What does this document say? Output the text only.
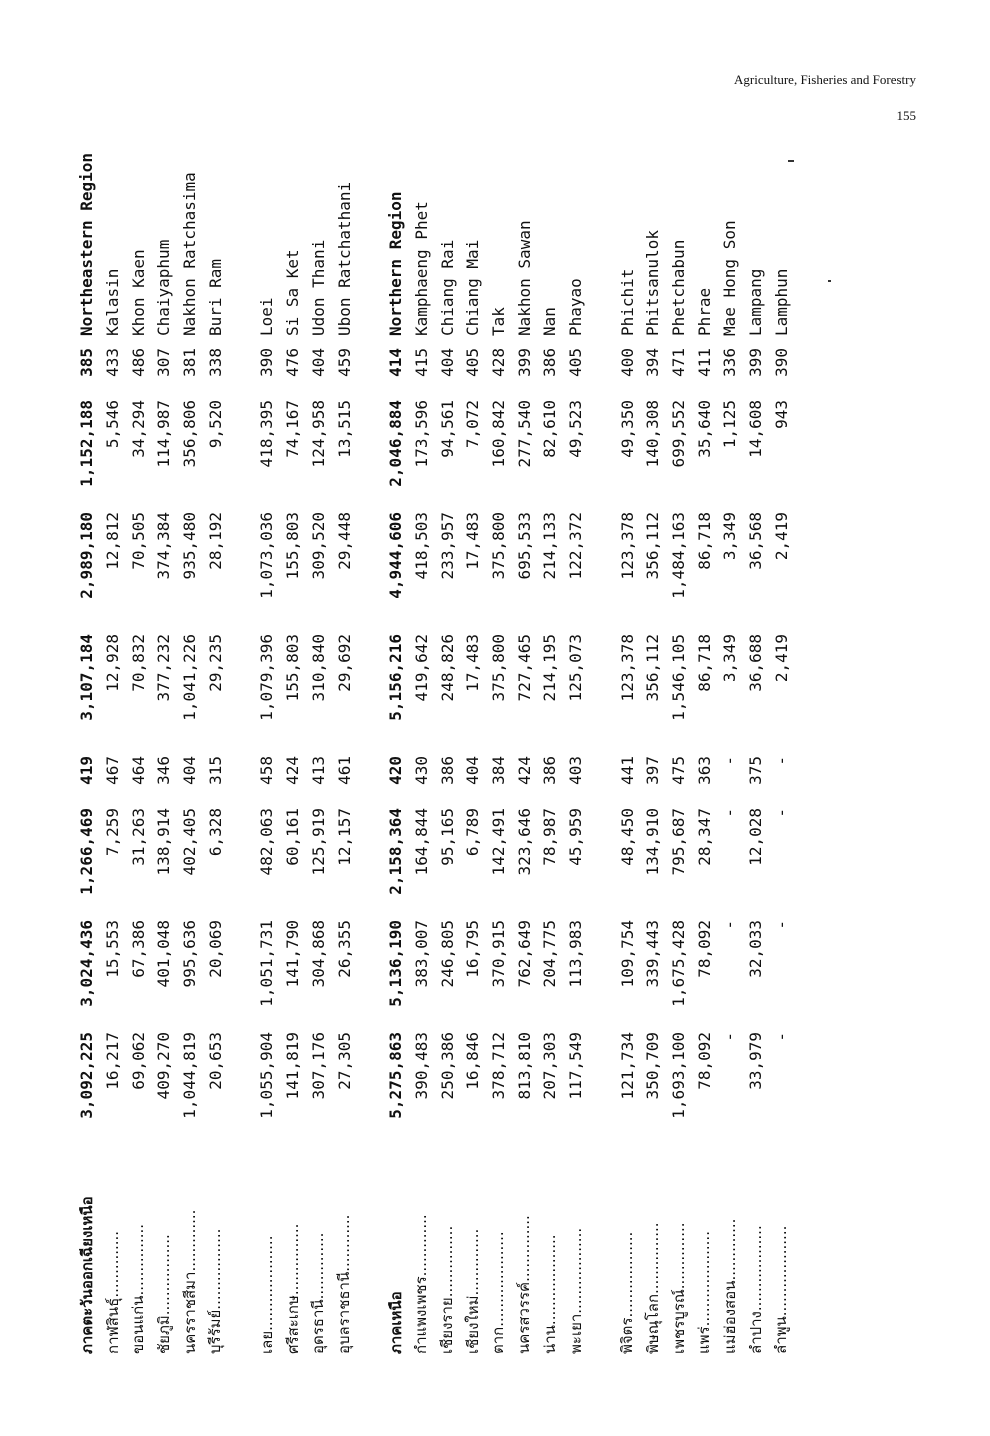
Agriculture, Fisheries and Forestry
155
ภาคตะวันออกเฉียงเหนือ	3,092,225	3,024,436	1,266,469	419	3,107,184	2,989,180	1,152,188	385	Northeastern Region
กาฬสินธุ์..............	16,217	15,553	7,259	467	12,928	12,812	5,546	433	Kalasin
ขอนแก่น...............	69,062	67,386	31,263	464	70,832	70,505	34,294	486	Khon Kaen
ชัยภูมิ.................	409,270	401,048	138,914	346	377,232	374,384	114,987	307	Chaiyaphum
นครราชสีมา.............	1,044,819	995,636	402,405	404	1,041,226	935,480	356,806	381	Nakhon Ratchasima
บุรีรัมย์.................	20,653	20,069	6,328	315	29,235	28,192	9,520	338	Buri Ram

เลย....................	1,055,904	1,051,731	482,063	458	1,079,396	1,073,036	418,395	390	Loei
ศรีสะเกษ...............	141,819	141,790	60,161	424	155,803	155,803	74,167	476	Si Sa Ket
อุดรธานี..............	307,176	304,868	125,919	413	310,840	309,520	124,958	404	Udon Thani
อุบลราชธานี............	27,305	26,355	12,157	461	29,692	29,448	13,515	459	Ubon Ratchathani

ภาคเหนือ	5,275,863	5,136,190	2,158,364	420	5,156,216	4,944,606	2,046,884	414	Northern Region
กำแพงเพชร.............	390,483	383,007	164,844	430	419,642	418,503	173,596	415	Kamphaeng Phet
เชียงราย...............	250,386	246,805	95,165	386	248,826	233,957	94,561	404	Chiang Rai
เชียงใหม่..............	16,846	16,795	6,789	404	17,483	17,483	7,072	405	Chiang Mai
ตาก....................	378,712	370,915	142,491	384	375,800	375,800	160,842	428	Tak
นครสวรรค์..............	813,810	762,649	323,646	424	727,465	695,533	277,540	399	Nakhon Sawan
น่าน...................	207,303	204,775	78,987	386	214,195	214,133	82,610	386	Nan
พะเยา..................	117,549	113,983	45,959	403	125,073	122,372	49,523	405	Phayao

พิจิตร..................	121,734	109,754	48,450	441	123,378	123,378	49,350	400	Phichit
พิษณุโลก...............	350,709	339,443	134,910	397	356,112	356,112	140,308	394	Phitsanulok
เพชรบูรณ์..............	1,693,100	1,675,428	795,687	475	1,546,105	1,484,163	699,552	471	Phetchabun
แพร่....................	78,092	78,092	28,347	363	86,718	86,718	35,640	411	Phrae
แม่ฮ่องสอน.............	-	-	-	-	3,349	3,349	1,125	336	Mae Hong Son
ลำปาง..................	33,979	32,033	12,028	375	36,688	36,568	14,608	399	Lampang
ลำพูน...................	-	-	-	-	2,419	2,419	943	390	Lamphun
